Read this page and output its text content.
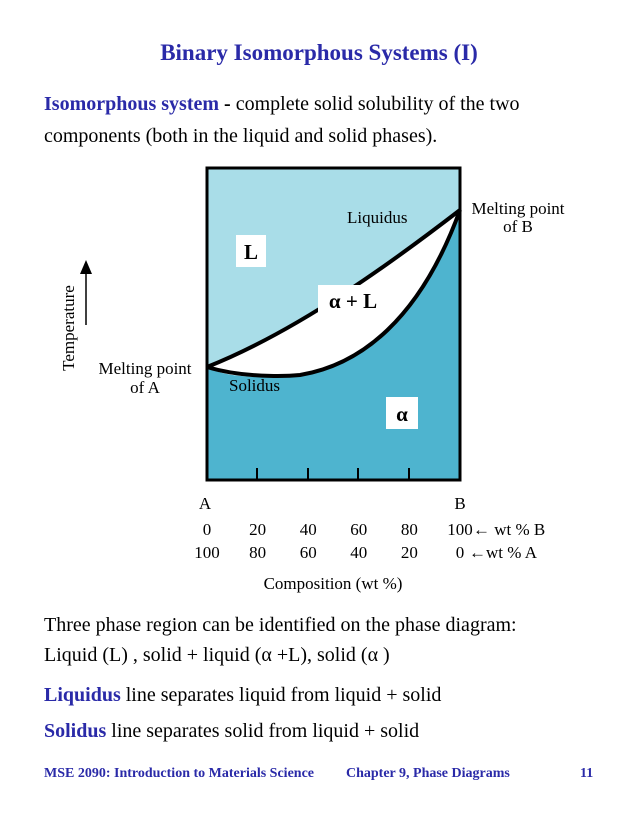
Binary Isomorphous Systems (I)
Isomorphous system - complete solid solubility of the two
components (both in the liquid and solid phases).
L
α + L
α
Liquidus
Solidus
Melting point
of B
Melting point
of A
Temperature
A	B
0 20 40 60 80 100
100 80 60 40 20 0
← wt % B
←wt % A
Composition (wt %)
Three phase region can be identified on the phase diagram:
Liquid (L) , solid + liquid (α +L), solid (α )
Liquidus line separates liquid from liquid + solid
Solidus line separates solid from liquid + solid
MSE 2090: Introduction to Materials Science Chapter 9, Phase Diagrams	11
